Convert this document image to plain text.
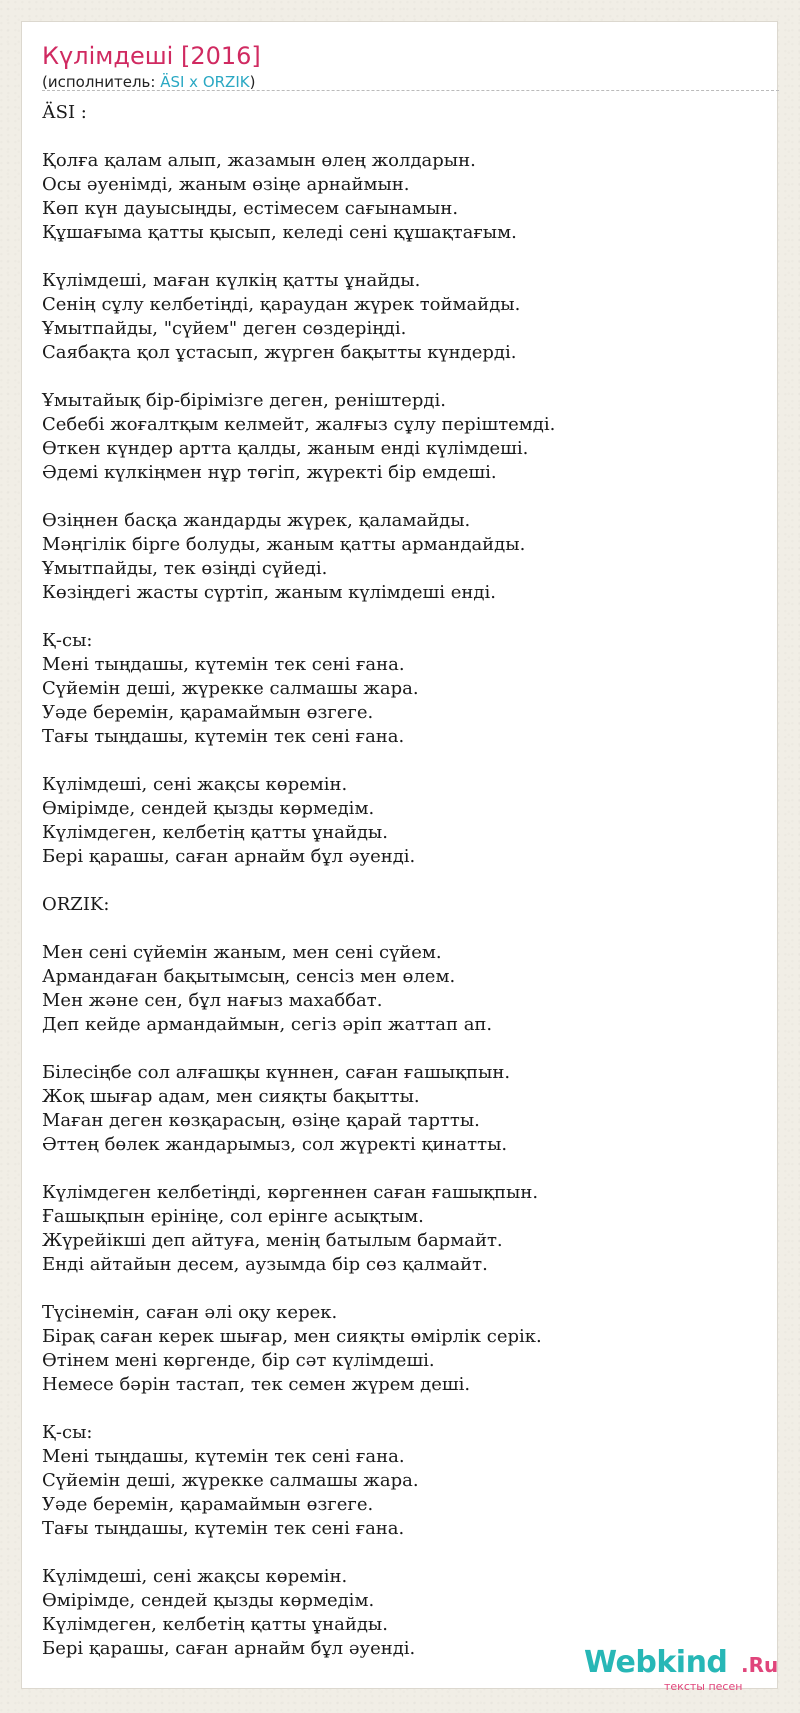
Күлімдеші [2016]
(исполнитель: ӒSI x ORZIK)
ӒSI :
Қолға қалам алып, жазамын өлең жолдарын.
Осы әуенімді, жаным өзіңе арнаймын.
Көп күн дауысыңды, естімесем сағынамын.
Құшағыма қатты қысып, келеді сені құшақтағым.
Күлімдеші, маған күлкің қатты ұнайды.
Сенің сұлу келбетіңді, қараудан жүрек тоймайды.
Ұмытпайды, "сүйем" деген сөздеріңді.
Саябақта қол ұстасып, жүрген бақытты күндерді.
Ұмытайық бір-бірімізге деген, реніштерді.
Себебі жоғалтқым келмейт, жалғыз сұлу періштемді.
Өткен күндер артта қалды, жаным енді күлімдеші.
Әдемі күлкіңмен нұр төгіп, жүректі бір емдеші.
Өзіңнен басқа жандарды жүрек, қаламайды.
Мәңгілік бірге болуды, жаным қатты армандайды.
Ұмытпайды, тек өзіңді сүйеді.
Көзіңдегі жасты сүртіп, жаным күлімдеші енді.
Қ-сы:
Мені тыңдашы, күтемін тек сені ғана.
Сүйемін деші, жүрекке салмашы жара.
Уәде беремін, қарамаймын өзгеге.
Тағы тыңдашы, күтемін тек сені ғана.
Күлімдеші, сені жақсы көремін.
Өмірімде, сендей қызды көрмедім.
Күлімдеген, келбетің қатты ұнайды.
Бері қарашы, саған арнайм бұл әуенді.
ORZIK:
Мен сені сүйемін жаным, мен сені сүйем.
Армандаған бақытымсың, сенсіз мен өлем.
Мен және сен, бұл нағыз махаббат.
Деп кейде армандаймын, сегіз әріп жаттап ап.
Білесіңбе сол алғашқы күннен, саған ғашықпын.
Жоқ шығар адам, мен сияқты бақытты.
Маған деген көзқарасың, өзіңе қарай тартты.
Әттең бөлек жандарымыз, сол жүректі қинатты.
Күлімдеген келбетіңді, көргеннен саған ғашықпын.
Ғашықпын ерініңе, сол ерінге асықтым.
Жүрейікші деп айтуға, менің батылым бармайт.
Енді айтайын десем, аузымда бір сөз қалмайт.
Түсінемін, саған әлі оқу керек.
Бірақ саған керек шығар, мен сияқты өмірлік серік.
Өтінем мені көргенде, бір сәт күлімдеші.
Немесе бәрін тастап, тек семен жүрем деші.
Қ-сы:
Мені тыңдашы, күтемін тек сені ғана.
Сүйемін деші, жүрекке салмашы жара.
Уәде беремін, қарамаймын өзгеге.
Тағы тыңдашы, күтемін тек сені ғана.
Күлімдеші, сені жақсы көремін.
Өмірімде, сендей қызды көрмедім.
Күлімдеген, келбетің қатты ұнайды.
Бері қарашы, саған арнайм бұл әуенді.	Webkind .Ru
тексты песен
